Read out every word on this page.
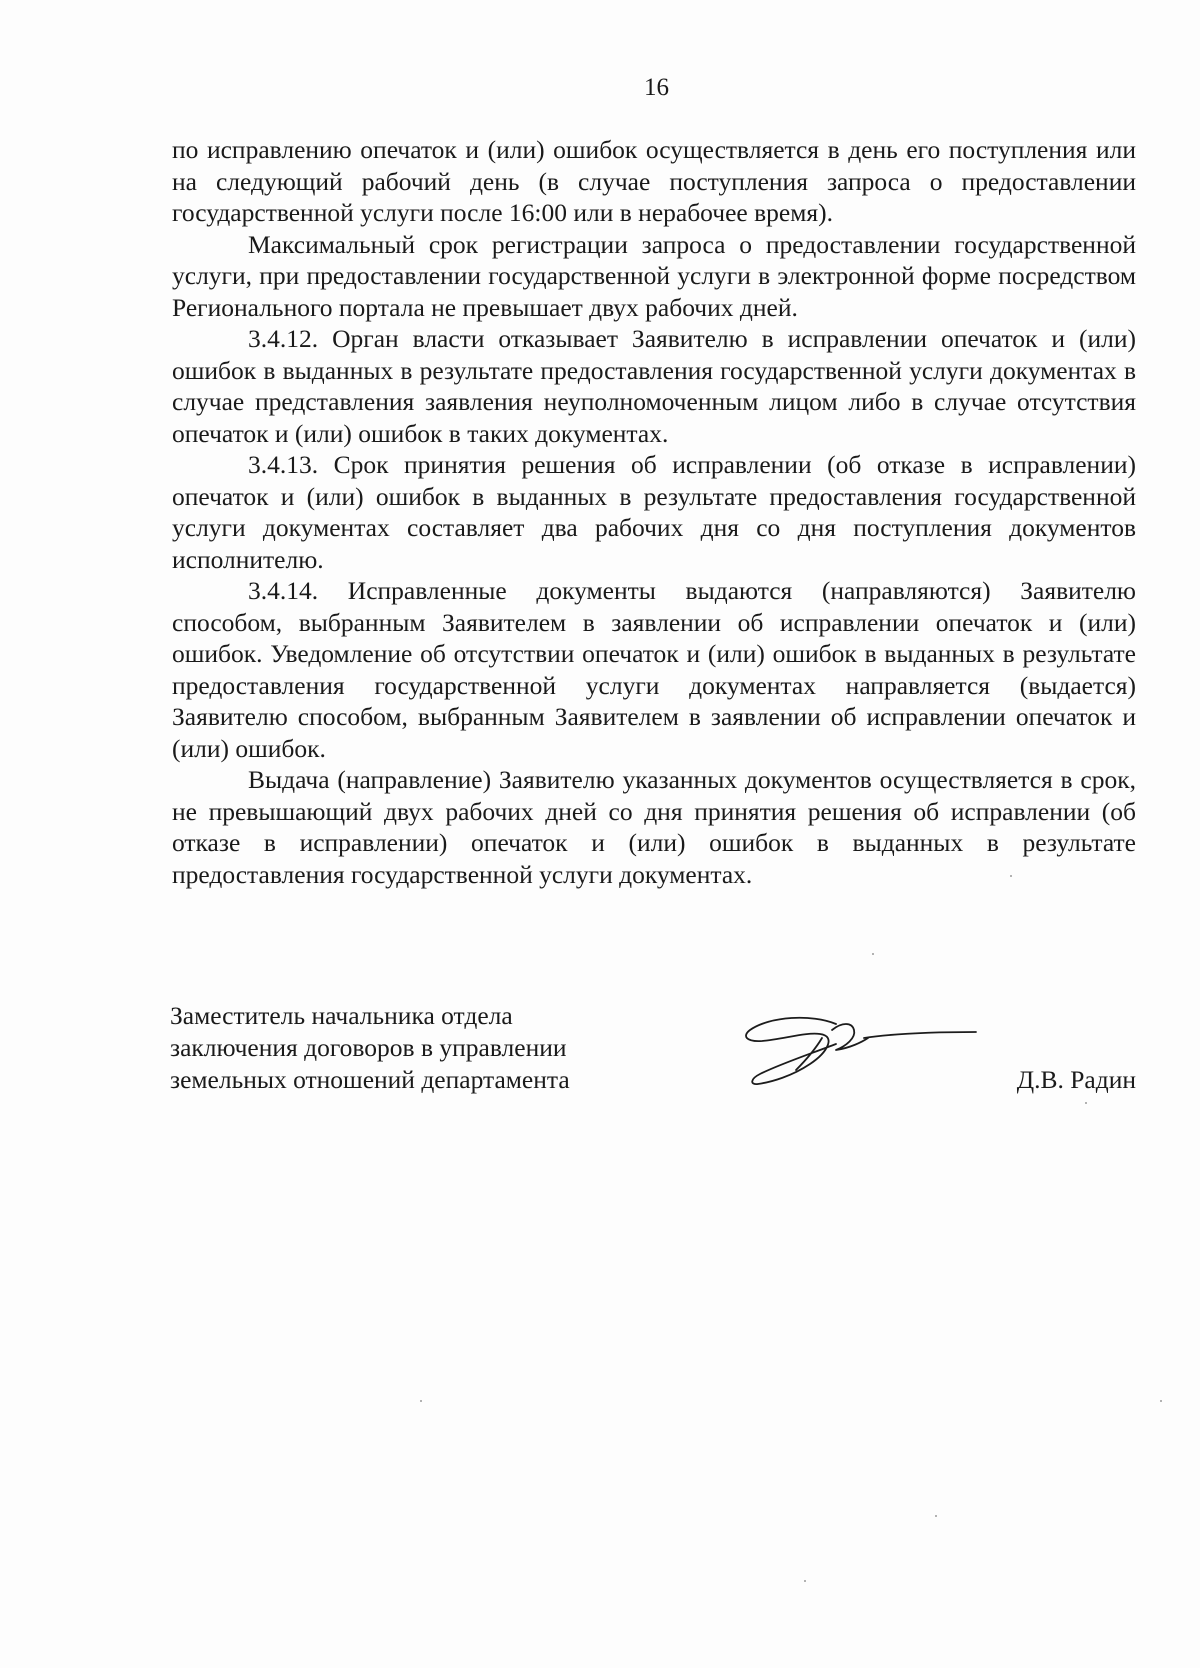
16

по исправлению опечаток и (или) ошибок осуществляется в день его поступления или на следующий рабочий день (в случае поступления запроса о предоставлении государственной услуги после 16:00 или в нерабочее время).

Максимальный срок регистрации запроса о предоставлении государственной услуги, при предоставлении государственной услуги в электронной форме посредством Регионального портала не превышает двух рабочих дней.

3.4.12. Орган власти отказывает Заявителю в исправлении опечаток и (или) ошибок в выданных в результате предоставления государственной услуги документах в случае представления заявления неуполномоченным лицом либо в случае отсутствия опечаток и (или) ошибок в таких документах.

3.4.13. Срок принятия решения об исправлении (об отказе в исправлении) опечаток и (или) ошибок в выданных в результате предоставления государственной услуги документах составляет два рабочих дня со дня поступления документов исполнителю.

3.4.14. Исправленные документы выдаются (направляются) Заявителю способом, выбранным Заявителем в заявлении об исправлении опечаток и (или) ошибок. Уведомление об отсутствии опечаток и (или) ошибок в выданных в результате предоставления государственной услуги документах направляется (выдается) Заявителю способом, выбранным Заявителем в заявлении об исправлении опечаток и (или) ошибок.

Выдача (направление) Заявителю указанных документов осуществляется в срок, не превышающий двух рабочих дней со дня принятия решения об исправлении (об отказе в исправлении) опечаток и (или) ошибок в выданных в результате предоставления государственной услуги документах.

Заместитель начальника отдела
заключения договоров в управлении
земельных отношений департамента	Д.В. Радин
